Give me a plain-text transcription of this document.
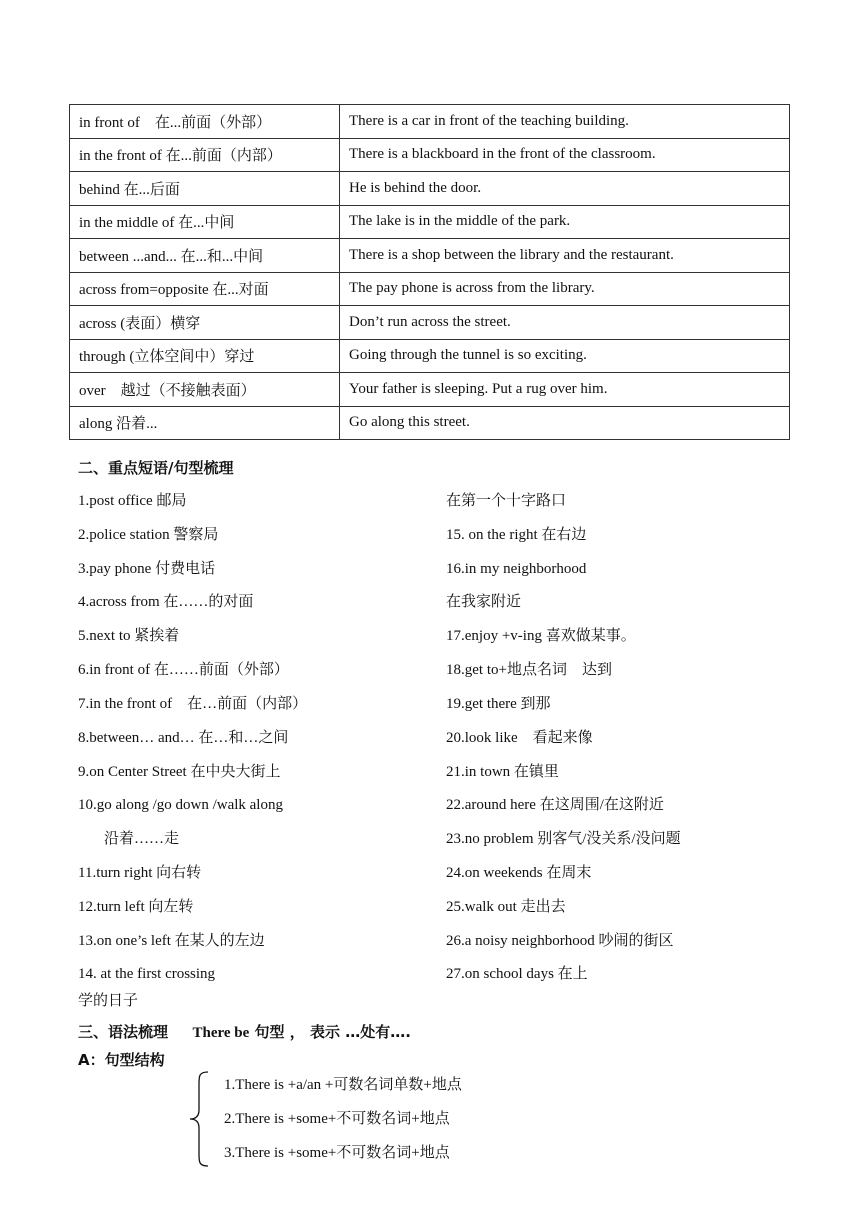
in front of　在...前面（外部）	There is a car in front of the teaching building.
in the front of 在...前面（内部）	There is a blackboard in the front of the classroom.
behind 在...后面	He is behind the door.
in the middle of 在...中间	The lake is in the middle of the park.
between ...and... 在...和...中间	There is a shop between the library and the restaurant.
across from=opposite 在...对面	The pay phone is across from the library.
across (表面）横穿	Don’t run across the street.
through (立体空间中）穿过	Going through the tunnel is so exciting.
over　越过（不接触表面）	Your father is sleeping. Put a rug over him.
along 沿着...	Go along this street.
二、重点短语/句型梳理
1.post office 邮局
2.police station 警察局
3.pay phone 付费电话
4.across from 在……的对面
5.next to 紧挨着
6.in front of 在……前面（外部）
7.in the front of　在…前面（内部）
8.between… and… 在…和…之间
9.on Center Street 在中央大街上
10.go along /go down /walk along
沿着……走
11.turn right 向右转
12.turn left 向左转
13.on one’s left 在某人的左边
14. at the first crossing
学的日子
在第一个十字路口
15. on the right 在右边
16.in my neighborhood
在我家附近
17.enjoy +v-ing 喜欢做某事。
18.get to+地点名词　达到
19.get there 到那
20.look like　看起来像
21.in town 在镇里
22.around here 在这周围/在这附近
23.no problem 别客气/没关系/没问题
24.on weekends 在周末
25.walk out 走出去
26.a noisy neighborhood 吵闹的街区
27.on school days 在上
三、语法梳理 There be 句型 ， 表示 …处有….
A：句型结构
1.There is +a/an +可数名词单数+地点
2.There is +some+不可数名词+地点
3.There is +some+不可数名词+地点
